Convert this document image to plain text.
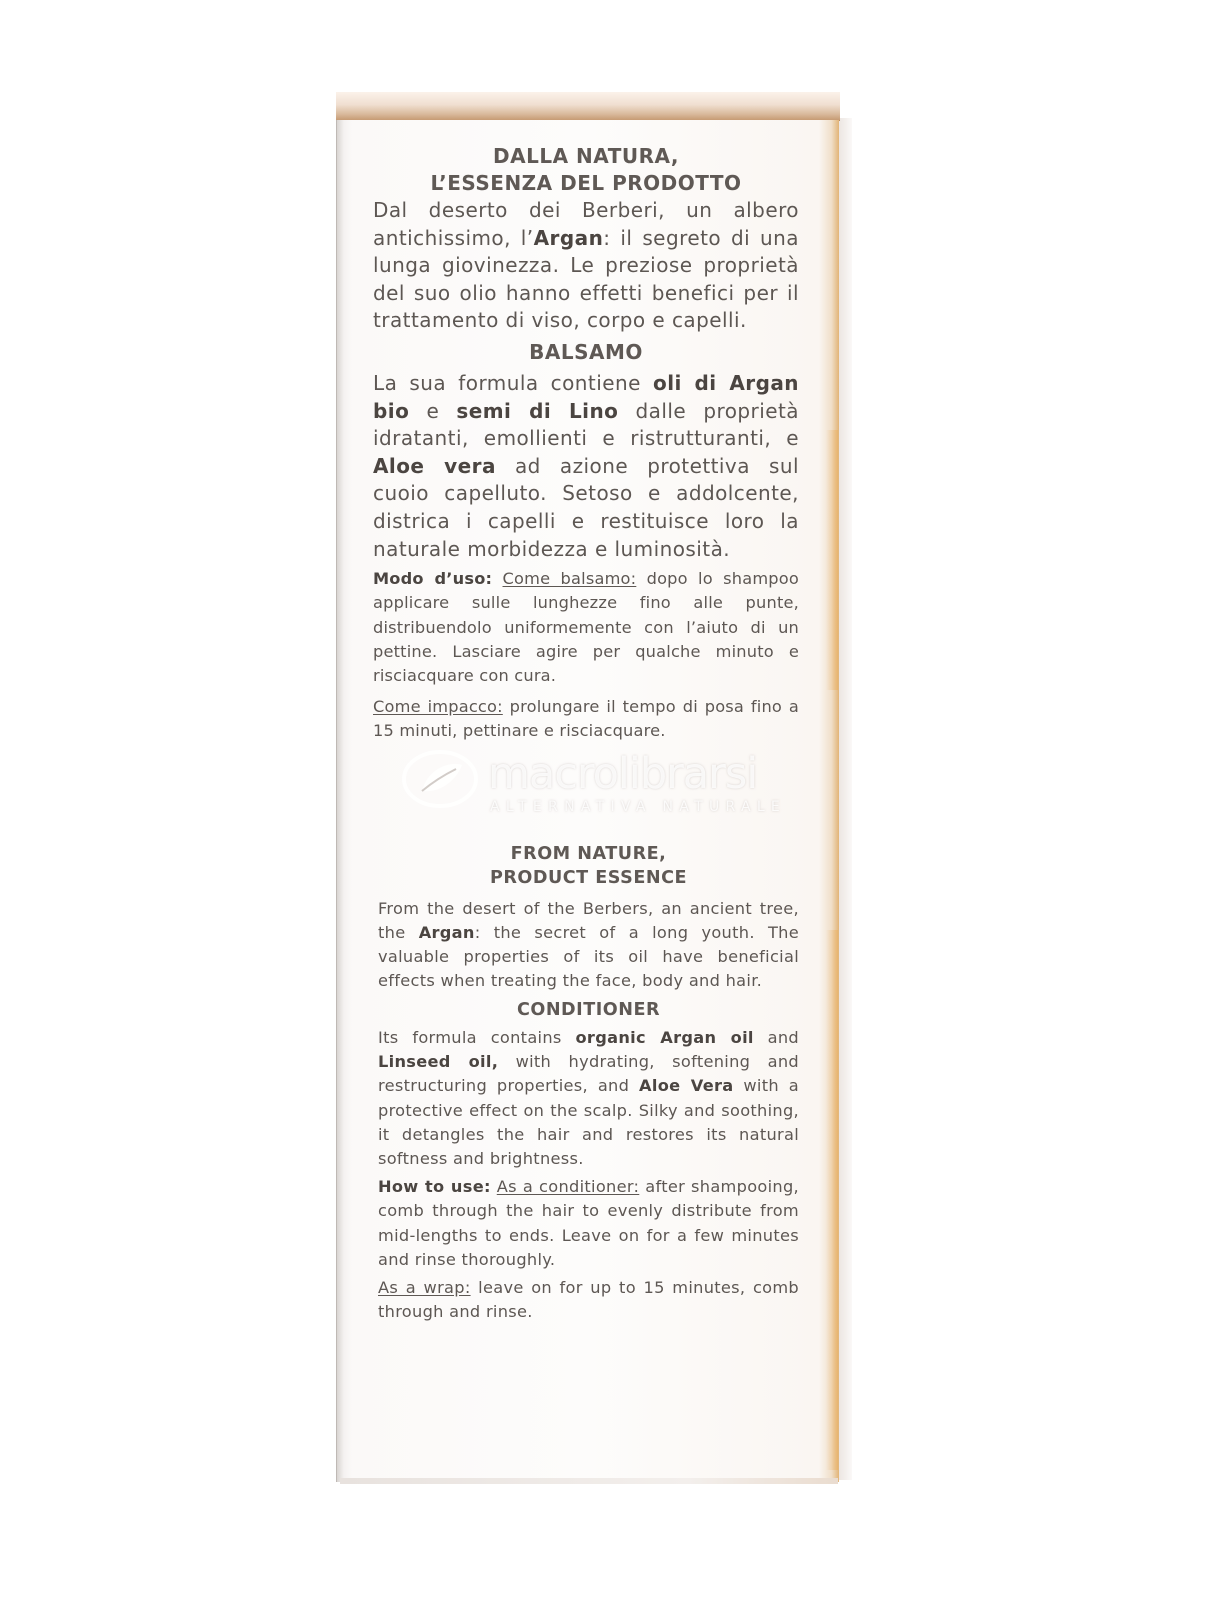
DALLA NATURA,
L’ESSENZA DEL PRODOTTO

Dal deserto dei Berberi, un albero antichissimo, l’Argan: il segreto di una lunga giovinezza. Le preziose proprietà del suo olio hanno effetti benefici per il trattamento di viso, corpo e capelli.

BALSAMO

La sua formula contiene oli di Argan bio e semi di Lino dalle proprietà idratanti, emollienti e ristrutturanti, e Aloe vera ad azione protettiva sul cuoio capelluto. Setoso e addolcente, districa i capelli e restituisce loro la naturale morbidezza e luminosità.

Modo d’uso: Come balsamo: dopo lo shampoo applicare sulle lunghezze fino alle punte, distribuendolo uniformemente con l’aiuto di un pettine. Lasciare agire per qualche minuto e risciacquare con cura.

Come impacco: prolungare il tempo di posa fino a 15 minuti, pettinare e risciacquare.

macrolibrarsi
ALTERNATIVA NATURALE
FROM NATURE,
PRODUCT ESSENCE

From the desert of the Berbers, an ancient tree, the Argan: the secret of a long youth. The valuable properties of its oil have beneficial effects when treating the face, body and hair.

CONDITIONER

Its formula contains organic Argan oil and Linseed oil, with hydrating, softening and restructuring properties, and Aloe Vera with a protective effect on the scalp. Silky and soothing, it detangles the hair and restores its natural softness and brightness.

How to use: As a conditioner: after shampooing, comb through the hair to evenly distribute from mid-lengths to ends. Leave on for a few minutes and rinse thoroughly.

As a wrap: leave on for up to 15 minutes, comb through and rinse.
